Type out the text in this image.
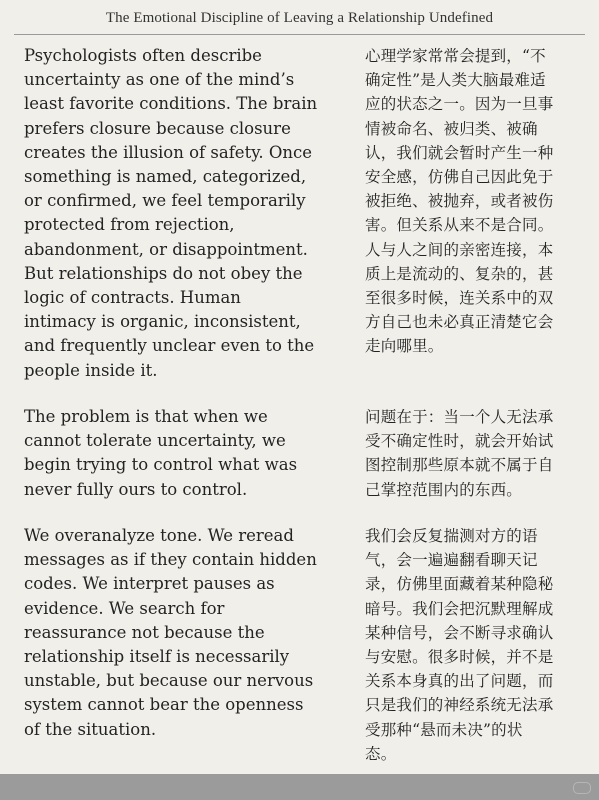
The Emotional Discipline of Leaving a Relationship Undefined
Psychologists often describe
uncertainty as one of the mind’s
least favorite conditions. The brain
prefers closure because closure
creates the illusion of safety. Once
something is named, categorized,
or confirmed, we feel temporarily
protected from rejection,
abandonment, or disappointment.
But relationships do not obey the
logic of contracts. Human
intimacy is organic, inconsistent,
and frequently unclear even to the
people inside it.
心理学家常常会提到，“不
确定性”是人类大脑最难适
应的状态之一。因为一旦事
情被命名、被归类、被确
认，我们就会暂时产生一种
安全感，仿佛自己因此免于
被拒绝、被抛弃，或者被伤
害。但关系从来不是合同。
人与人之间的亲密连接，本
质上是流动的、复杂的，甚
至很多时候，连关系中的双
方自己也未必真正清楚它会
走向哪里。
The problem is that when we
cannot tolerate uncertainty, we
begin trying to control what was
never fully ours to control.
问题在于：当一个人无法承
受不确定性时，就会开始试
图控制那些原本就不属于自
己掌控范围内的东西。
We overanalyze tone. We reread
messages as if they contain hidden
codes. We interpret pauses as
evidence. We search for
reassurance not because the
relationship itself is necessarily
unstable, but because our nervous
system cannot bear the openness
of the situation.
我们会反复揣测对方的语
气，会一遍遍翻看聊天记
录，仿佛里面藏着某种隐秘
暗号。我们会把沉默理解成
某种信号，会不断寻求确认
与安慰。很多时候，并不是
关系本身真的出了问题，而
只是我们的神经系统无法承
受那种“悬而未决”的状
态。
